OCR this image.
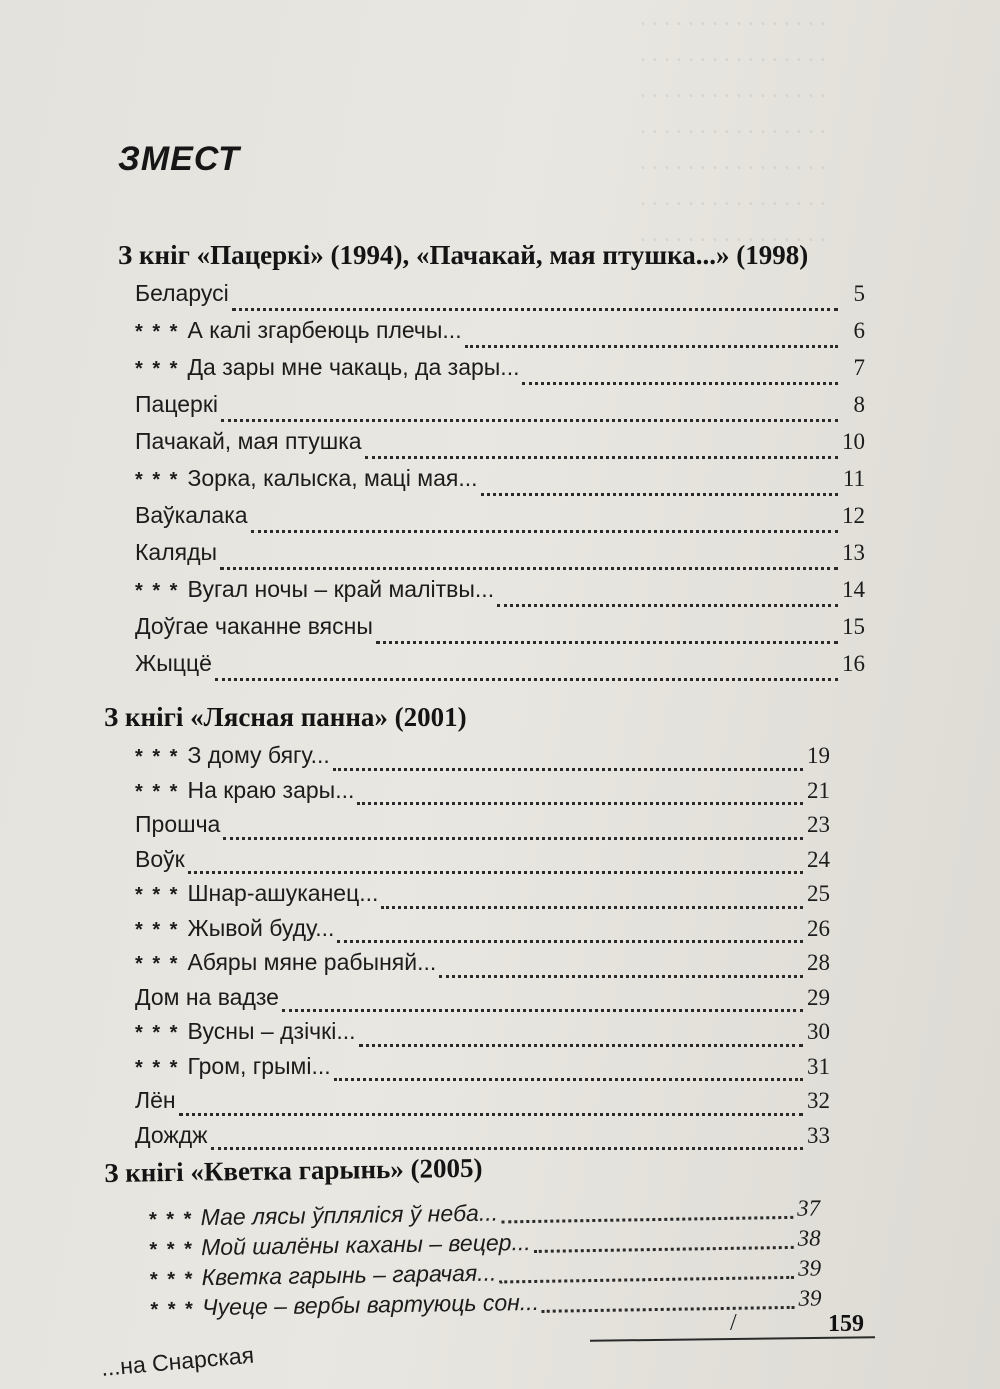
. . . . . . . . . . . . . . . .
. . . . . . . . . . . . . . . .
. . . . . . . . . . . . . . . .
. . . . . . . . . . . . . . . .
. . . . . . . . . . . . . . . .
. . . . . . . . . . . . . . . .
. . . . . . . . . . . . . . . .
ЗМЕСТ
З кніг «Пацеркі» (1994), «Пачакай, мая птушка...» (1998)
Беларусі	5
* * * А калі згарбеюць плечы...	6
* * * Да зары мне чакаць, да зары...	7
Пацеркі	8
Пачакай, мая птушка	10
* * * Зорка, калыска, маці мая...	11
Ваўкалака	12
Каляды	13
* * * Вугал ночы – край малітвы...	14
Доўгае чаканне вясны	15
Жыццё	16
З кнігі «Лясная панна» (2001)
* * * З дому бягу...	19
* * * На краю зары...	21
Прошча	23
Воўк	24
* * * Шнар-ашуканец...	25
* * * Жывой буду...	26
* * * Абяры мяне рабыняй...	28
Дом на вадзе	29
* * * Вусны – дзічкі...	30
* * * Гром, грымі...	31
Лён	32
Дождж	33
З кнігі «Кветка гарынь» (2005)
* * * Мае лясы ўпляліся ў неба...	37
* * * Мой шалёны каханы – вецер...	38
* * * Кветка гарынь – гарачая...	39
* * * Чуеце – вербы вартуюць сон...	39
/	159
...на Снарская
